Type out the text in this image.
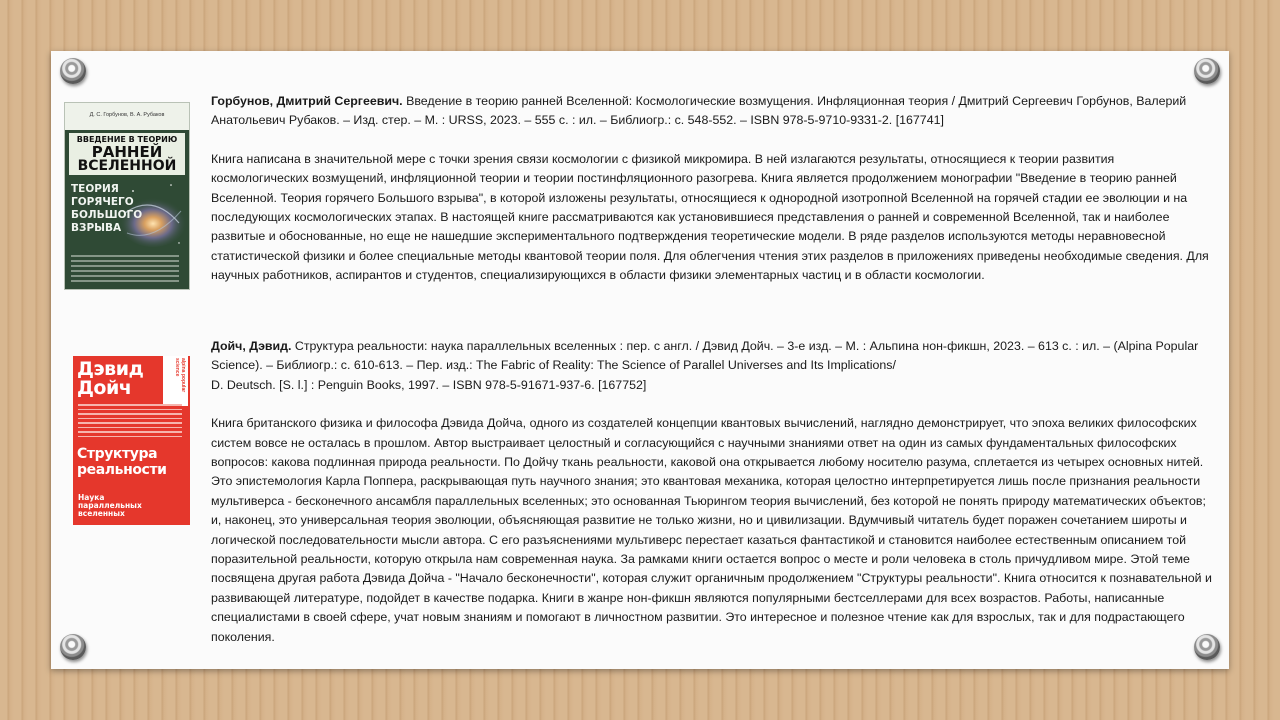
Д. С. Горбунов, В. А. Рубаков
ВВЕДЕНИЕ В ТЕОРИЮ
РАННЕЙ
ВСЕЛЕННОЙ
ТЕОРИЯ ГОРЯЧЕГО БОЛЬШОГО ВЗРЫВА
Дэвид
Дойч	alpina popular science
Структура
реальности
Наука
параллельных
вселенных

Горбунов, Дмитрий Сергеевич. Введение в теорию ранней Вселенной: Космологические возмущения. Инфляционная теория / Дмитрий Сергеевич Горбунов, Валерий Анатольевич Рубаков. – Изд. стер. – М. : URSS, 2023. – 555 с. : ил. – Библиогр.: с. 548-552. – ISBN 978-5-9710-9331-2. [167741]

Книга написана в значительной мере с точки зрения связи космологии с физикой микромира. В ней излагаются результаты, относящиеся к теории развития космологических возмущений, инфляционной теории и теории постинфляционного разогрева. Книга является продолжением монографии "Введение в теорию ранней Вселенной. Теория горячего Большого взрыва", в которой изложены результаты, относящиеся к однородной изотропной Вселенной на горячей стадии ее эволюции и на последующих космологических этапах. В настоящей книге рассматриваются как установившиеся представления о ранней и современной Вселенной, так и наиболее развитые и обоснованные, но еще не нашедшие экспериментального подтверждения теоретические модели. В ряде разделов используются методы неравновесной статистической физики и более специальные методы квантовой теории поля. Для облегчения чтения этих разделов в приложениях приведены необходимые сведения. Для научных работников, аспирантов и студентов, специализирующихся в области физики элементарных частиц и в области космологии.

Дойч, Дэвид. Структура реальности: наука параллельных вселенных : пер. с англ. / Дэвид Дойч. – 3-е изд. – М. : Альпина нон-фикшн, 2023. – 613 с. : ил. – (Alpina Popular Science). – Библиогр.: с. 610-613. – Пер. изд.: The Fabric of Reality: The Science of Parallel Universes and Its Implications/

D. Deutsch. [S. l.] : Penguin Books, 1997. – ISBN 978-5-91671-937-6. [167752]

Книга британского физика и философа Дэвида Дойча, одного из создателей концепции квантовых вычислений, наглядно демонстрирует, что эпоха великих философских систем вовсе не осталась в прошлом. Автор выстраивает целостный и согласующийся с научными знаниями ответ на один из самых фундаментальных философских вопросов: какова подлинная природа реальности. По Дойчу ткань реальности, каковой она открывается любому носителю разума, сплетается из четырех основных нитей. Это эпистемология Карла Поппера, раскрывающая путь научного знания; это квантовая механика, которая целостно интерпретируется лишь после признания реальности мультиверса - бесконечного ансамбля параллельных вселенных; это основанная Тьюрингом теория вычислений, без которой не понять природу математических объектов; и, наконец, это универсальная теория эволюции, объясняющая развитие не только жизни, но и цивилизации. Вдумчивый читатель будет поражен сочетанием широты и логической последовательности мысли автора. С его разъяснениями мультиверс перестает казаться фантастикой и становится наиболее естественным описанием той поразительной реальности, которую открыла нам современная наука. За рамками книги остается вопрос о месте и роли человека в столь причудливом мире. Этой теме посвящена другая работа Дэвида Дойча - "Начало бесконечности", которая служит органичным продолжением "Структуры реальности". Книга относится к познавательной и развивающей литературе, подойдет в качестве подарка. Книги в жанре нон-фикшн являются популярными бестселлерами для всех возрастов. Работы, написанные специалистами в своей сфере, учат новым знаниям и помогают в личностном развитии. Это интересное и полезное чтение как для взрослых, так и для подрастающего поколения.
